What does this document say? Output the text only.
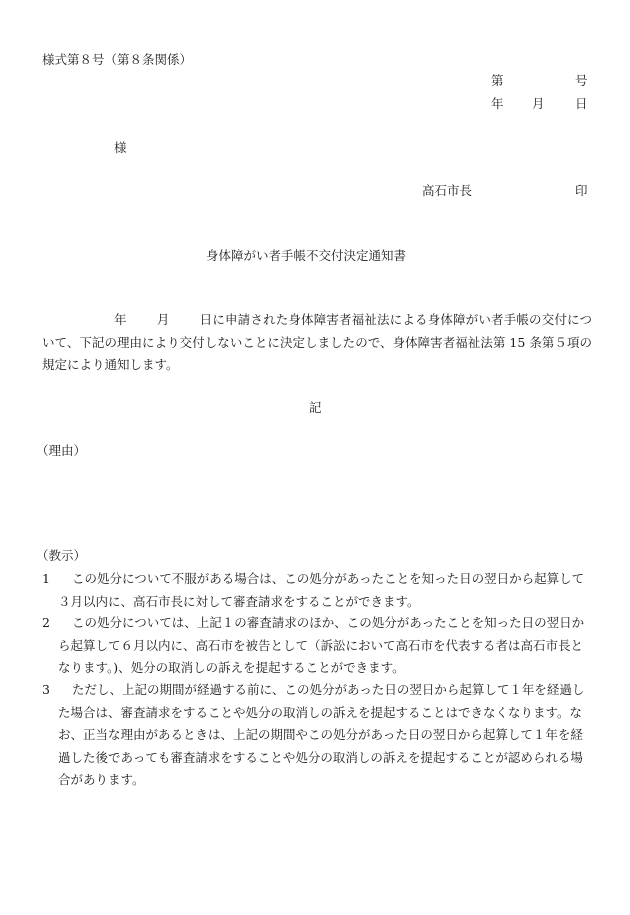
様式第８号（第８条関係）
第	号
年 月 日
様
高石市長	印
身体障がい者手帳不交付決定通知書
年 月 日に申請された身体障害者福祉法による身体障がい者手帳の交付について、下記の理由により交付しないことに決定しましたので、身体障害者福祉法第 15 条第５項の規定により通知します。
記
（理由）
（教示）
1	この処分について不服がある場合は、この処分があったことを知った日の翌日から起算して３月以内に、高石市長に対して審査請求をすることができます。
2	この処分については、上記１の審査請求のほか、この処分があったことを知った日の翌日から起算して６月以内に、高石市を被告として（訴訟において高石市を代表する者は高石市長となります。)、処分の取消しの訴えを提起することができます。
3	ただし、上記の期間が経過する前に、この処分があった日の翌日から起算して１年を経過した場合は、審査請求をすることや処分の取消しの訴えを提起することはできなくなります。なお、正当な理由があるときは、上記の期間やこの処分があった日の翌日から起算して１年を経過した後であっても審査請求をすることや処分の取消しの訴えを提起することが認められる場合があります。
